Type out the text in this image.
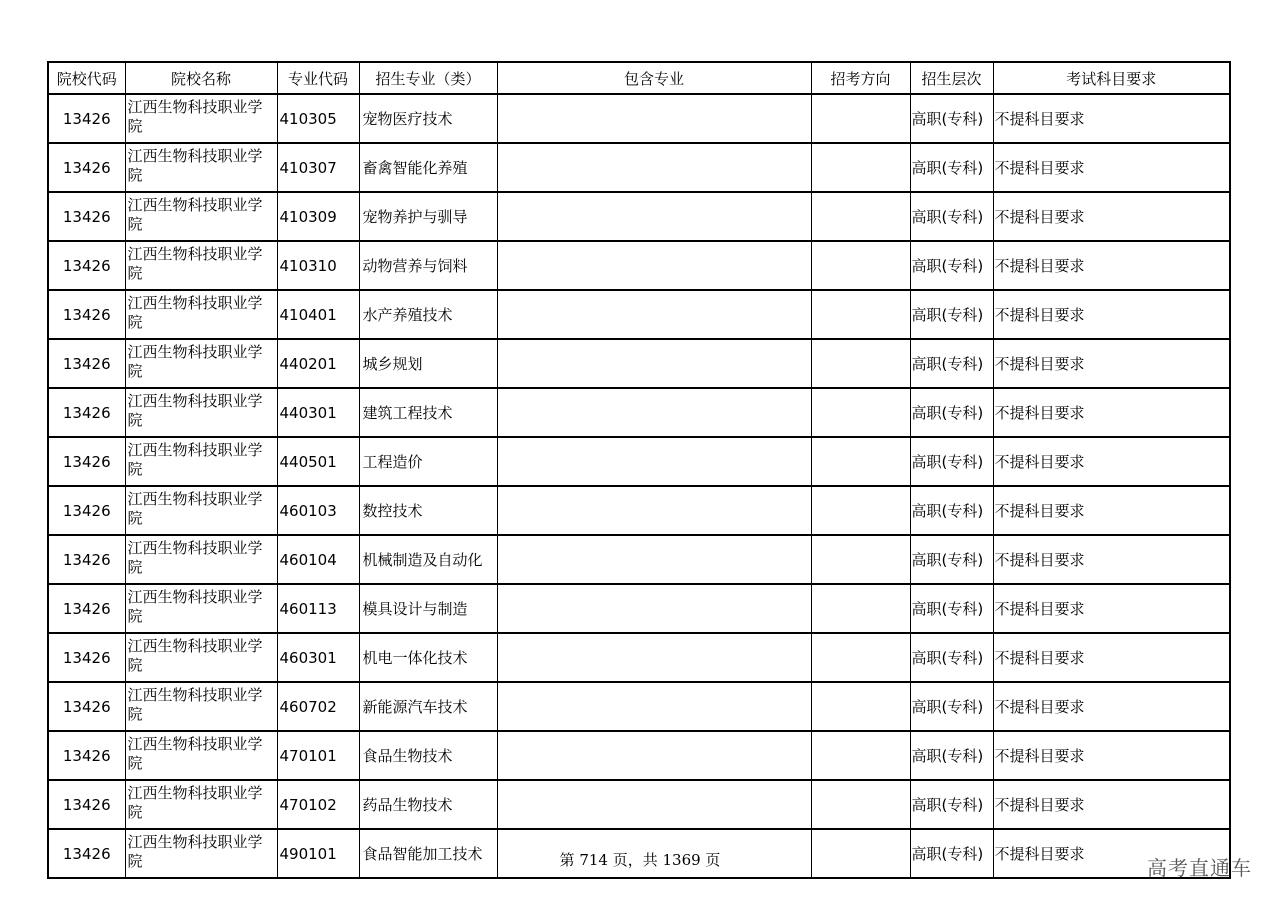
院校代码	院校名称	专业代码	招生专业（类）	包含专业	招考方向	招生层次	考试科目要求
13426	江西生物科技职业学院	410305	宠物医疗技术			高职(专科)	不提科目要求
13426	江西生物科技职业学院	410307	畜禽智能化养殖			高职(专科)	不提科目要求
13426	江西生物科技职业学院	410309	宠物养护与驯导			高职(专科)	不提科目要求
13426	江西生物科技职业学院	410310	动物营养与饲料			高职(专科)	不提科目要求
13426	江西生物科技职业学院	410401	水产养殖技术			高职(专科)	不提科目要求
13426	江西生物科技职业学院	440201	城乡规划			高职(专科)	不提科目要求
13426	江西生物科技职业学院	440301	建筑工程技术			高职(专科)	不提科目要求
13426	江西生物科技职业学院	440501	工程造价			高职(专科)	不提科目要求
13426	江西生物科技职业学院	460103	数控技术			高职(专科)	不提科目要求
13426	江西生物科技职业学院	460104	机械制造及自动化			高职(专科)	不提科目要求
13426	江西生物科技职业学院	460113	模具设计与制造			高职(专科)	不提科目要求
13426	江西生物科技职业学院	460301	机电一体化技术			高职(专科)	不提科目要求
13426	江西生物科技职业学院	460702	新能源汽车技术			高职(专科)	不提科目要求
13426	江西生物科技职业学院	470101	食品生物技术			高职(专科)	不提科目要求
13426	江西生物科技职业学院	470102	药品生物技术			高职(专科)	不提科目要求
13426	江西生物科技职业学院	490101	食品智能加工技术			高职(专科)	不提科目要求
第 714 页，共 1369 页	高考直通车
